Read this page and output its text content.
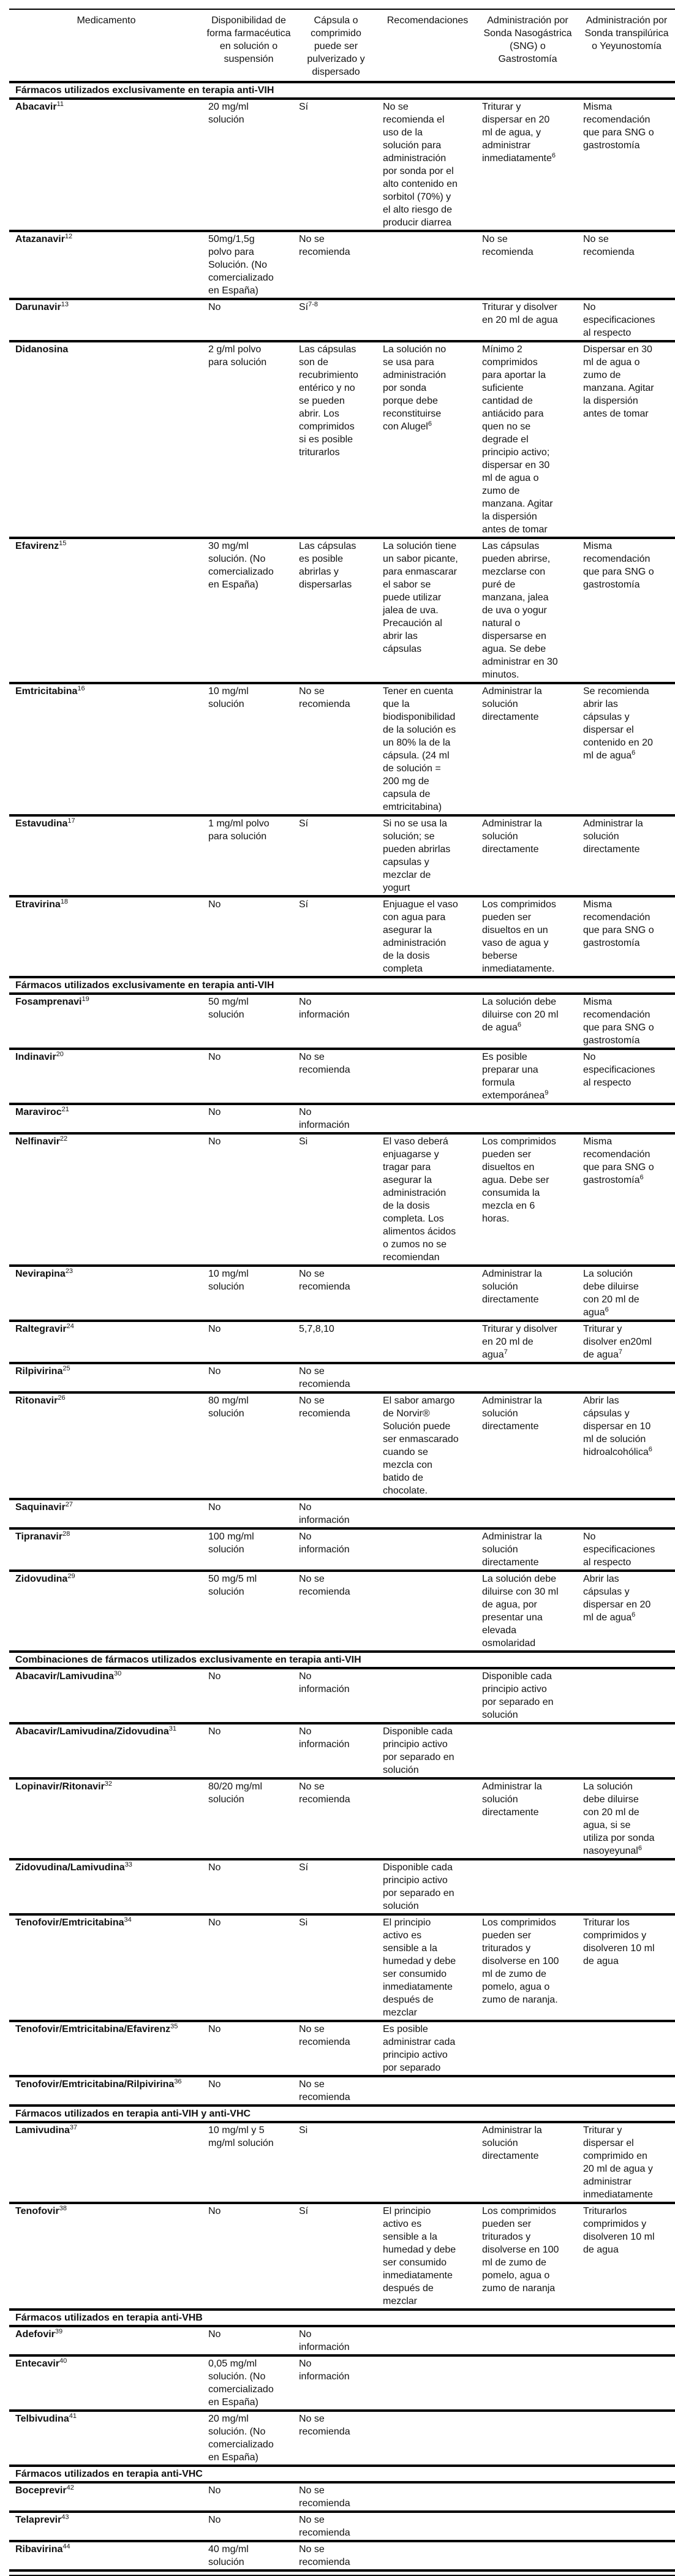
Medicamento	Disponibilidad de forma farmacéutica en solución o suspensión	Cápsula o comprimido puede ser pulverizado y dispersado	Recomendaciones	Administración por Sonda Nasogástrica (SNG) o Gastrostomía	Administración por Sonda transpilúrica o Yeyunostomía
Fármacos utilizados exclusivamente en terapia anti-VIH					
Abacavir$^{11}$	20 mg/ml solución	Sí	No se recomienda el uso de la solución para administración por sonda por el alto contenido en sorbitol (70%) y el alto riesgo de producir diarrea	Triturar y dispersar en 20 ml de agua, y administrar inmediatamente$^6$	Misma recomendación que para SNG o gastrostomía
Atazanavir$^{12}$	50mg/1,5g polvo para Solución. (No comercializado en España)	No se recomienda		No se recomienda	No se recomienda
Darunavir$^{13}$	No	$Sí^{7-8}$		Triturar y disolver en 20 ml de agua	No especificaciones al respecto
Didanosina	2 g/ml polvo para solución	Las cápsulas son de recubrimiento entérico y no se pueden abrir. Los comprimidos si es posible triturarlos	La solución no se usa para administración por sonda porque debe reconstituirse con Alugel$^6$	Mínimo 2 comprimidos para aportar la suficiente cantidad de antiácido para quen no se degrade el principio activo; dispersar en 30 ml de agua o zumo de manzana. Agitar la dispersión antes de tomar	Dispersar en 30 ml de agua o zumo de manzana. Agitar la dispersión antes de tomar
Efavirenz$^{15}$	30 mg/ml solución. (No comercializado en España)	Las cápsulas es posible abrirlas y dispersarlas	La solución tiene un sabor picante, para enmascarar el sabor se puede utilizar jalea de uva. Precaución al abrir las cápsulas	Las cápsulas pueden abrirse, mezclarse con puré de manzana, jalea de uva o yogur natural o dispersarse en agua. Se debe administrar en 30 minutos.	Misma recomendación que para SNG o gastrostomía
Emtricitabina$^{16}$	10 mg/ml solución	No se recomienda	Tener en cuenta que la biodisponibilidad de la solución es un 80% la de la cápsula. (24 ml de solución = 200 mg de capsula de emtricitabina)	Administrar la solución directamente	Se recomienda abrir las cápsulas y dispersar el contenido en 20 ml de agua$^6$
Estavudina$^{17}$	1 mg/ml polvo para solución	Sí	Si no se usa la solución; se pueden abrirlas capsulas y mezclar de yogurt	Administrar la solución directamente	Administrar la solución directamente
Etravirina$^{18}$	No	Sí	Enjuague el vaso con agua para asegurar la administración de la dosis completa	Los comprimidos pueden ser disueltos en un vaso de agua y beberse inmediatamente.	Misma recomendación que para SNG o gastrostomía
Fármacos utilizados exclusivamente en terapia anti-VIH					
Fosamprenavi$^{19}$	50 mg/ml solución	No información		La solución debe diluirse con 20 ml de agua$^6$	Misma recomendación que para SNG o gastrostomía
Indinavir$^{20}$	No	No se recomienda		Es posible preparar una formula extemporánea$^9$	No especificaciones al respecto
Maraviroc$^{21}$	No	No información			
Nelfinavir$^{22}$	No	Si	El vaso deberá enjuagarse y tragar para asegurar la administración de la dosis completa. Los alimentos ácidos o zumos no se recomiendan	Los comprimidos pueden ser disueltos en agua. Debe ser consumida la mezcla en 6 horas.	Misma recomendación que para SNG o gastrostomía$^6$
Nevirapina$^{23}$	10 mg/ml solución	No se recomienda		Administrar la solución directamente	La solución debe diluirse con 20 ml de agua$^6$
Raltegravir$^{24}$	No	5,7,8,10		Triturar y disolver en 20 ml de agua$^7$	Triturar y disolver en20ml de agua$^7$
Rilpivirina$^{25}$	No	No se recomienda			
Ritonavir$^{26}$	80 mg/ml solución	No se recomienda	El sabor amargo de Norvir® Solución puede ser enmascarado cuando se mezcla con batido de chocolate.	Administrar la solución directamente	Abrir las cápsulas y dispersar en 10 ml de solución hidroalcohólica$^6$
Saquinavir$^{27}$	No	No información			
Tipranavir$^{28}$	100 mg/ml solución	No información		Administrar la solución directamente	No especificaciones al respecto
Zidovudina$^{29}$	50 mg/5 ml solución	No se recomienda		La solución debe diluirse con 30 ml de agua, por presentar una elevada osmolaridad	Abrir las cápsulas y dispersar en 20 ml de agua$^6$
Combinaciones de fármacos utilizados exclusivamente en terapia anti-VIH					
Abacavir/Lamivudina$^{30}$	No	No información		Disponible cada principio activo por separado en solución	
Abacavir/Lamivudina/Zidovudina$^{31}$	No	No información	Disponible cada principio activo por separado en solución		
Lopinavir/Ritonavir$^{32}$	80/20 mg/ml solución	No se recomienda		Administrar la solución directamente	La solución debe diluirse con 20 ml de agua, si se utiliza por sonda nasoyeyunal$^6$
Zidovudina/Lamivudina$^{33}$	No	Sí	Disponible cada principio activo por separado en solución		
Tenofovir/Emtricitabina$^{34}$	No	Si	El principio activo es sensible a la humedad y debe ser consumido inmediatamente después de mezclar	Los comprimidos pueden ser triturados y disolverse en 100 ml de zumo de pomelo, agua o zumo de naranja.	Triturar los comprimidos y disolveren 10 ml de agua
Tenofovir/Emtricitabina/Efavirenz$^{35}$	No	No se recomienda	Es posible administrar cada principio activo por separado		
Tenofovir/Emtricitabina/Rilpivirina$^{36}$	No	No se recomienda			
Fármacos utilizados en terapia anti-VIH y anti-VHC					
Lamivudina$^{37}$	10 mg/ml y 5 mg/ml solución	Si		Administrar la solución directamente	Triturar y dispersar el comprimido en 20 ml de agua y administrar inmediatamente
Tenofovir$^{38}$	No	Sí	El principio activo es sensible a la humedad y debe ser consumido inmediatamente después de mezclar	Los comprimidos pueden ser triturados y disolverse en 100 ml de zumo de pomelo, agua o zumo de naranja	Triturarlos comprimidos y disolveren 10 ml de agua
Fármacos utilizados en terapia anti-VHB					
Adefovir$^{39}$	No	No información			
Entecavir$^{40}$	0,05 mg/ml solución. (No comercializado en España)	No información			
Telbivudina$^{41}$	20 mg/ml solución. (No comercializado en España)	No se recomienda			
Fármacos utilizados en terapia anti-VHC					
Boceprevir$^{42}$	No	No se recomienda			
Telaprevir$^{43}$	No	No se recomienda			
Ribavirina$^{44}$	40 mg/ml solución	No se recomienda			
